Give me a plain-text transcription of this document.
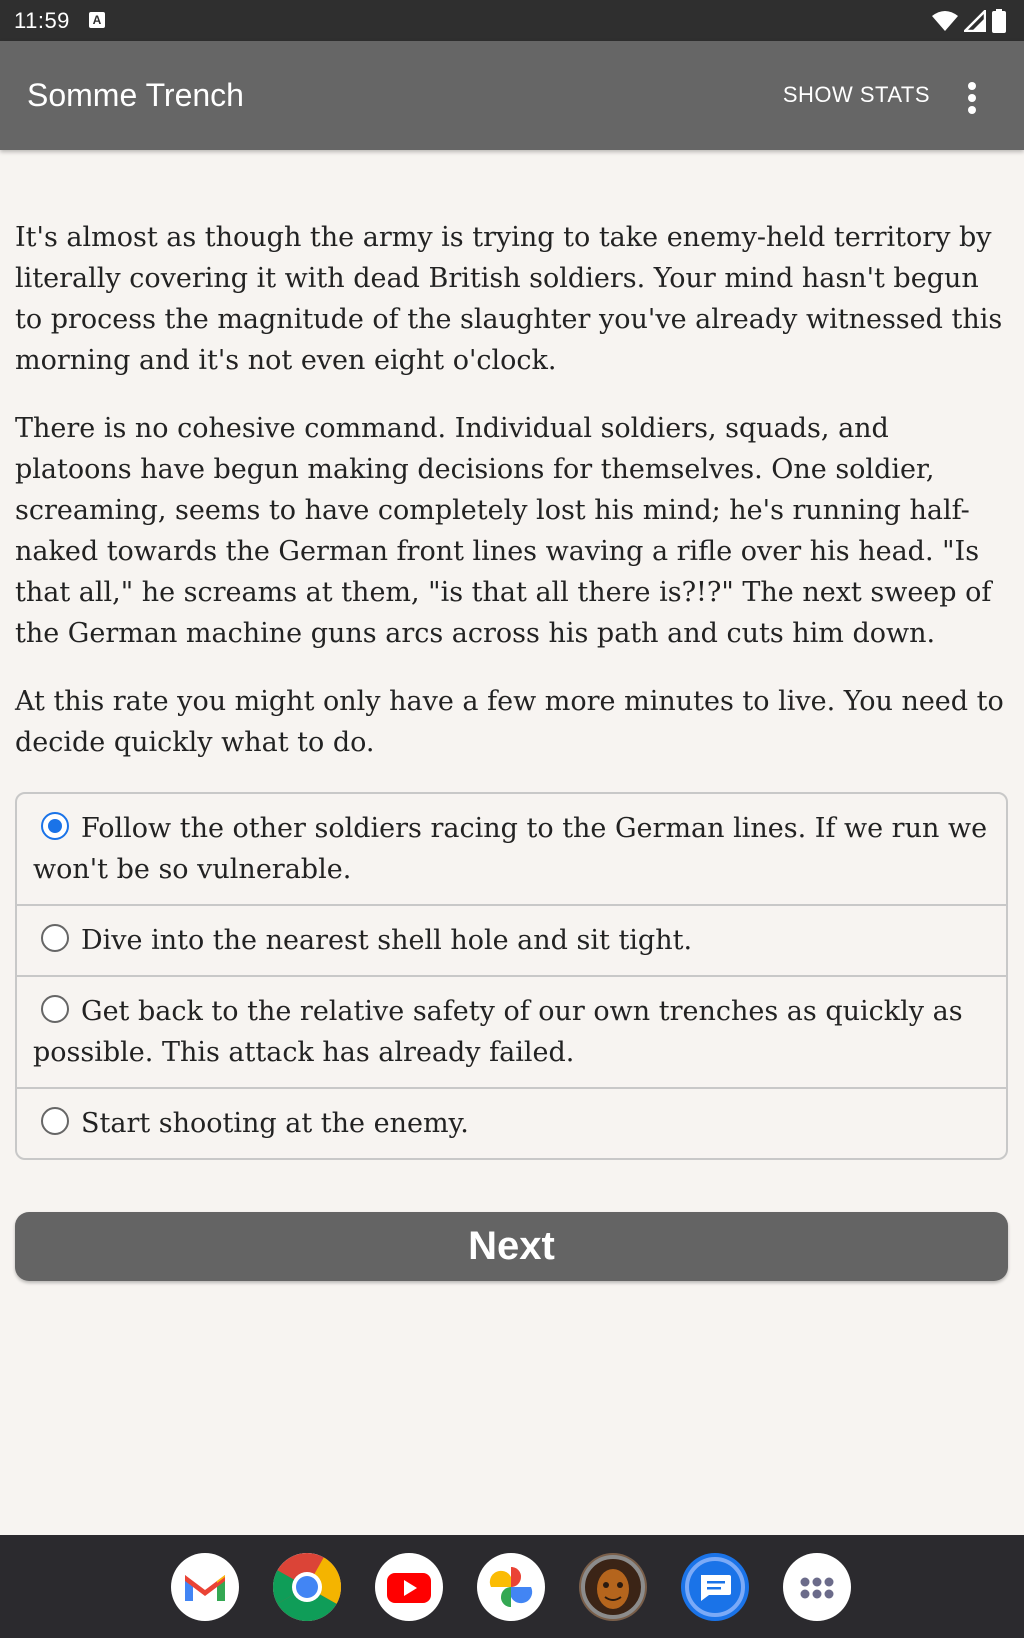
11:59	A
Somme Trench	SHOW STATS

It's almost as though the army is trying to take enemy-held territory by literally covering it with dead British soldiers. Your mind hasn't begun to process the magnitude of the slaughter you've already witnessed this morning and it's not even eight o'clock.

There is no cohesive command. Individual soldiers, squads, and platoons have begun making decisions for themselves. One soldier, screaming, seems to have completely lost his mind; he's running half-naked towards the German front lines waving a rifle over his head. "Is that all," he screams at them, "is that all there is?!?" The next sweep of the German machine guns arcs across his path and cuts him down.

At this rate you might only have a few more minutes to live. You need to decide quickly what to do.

Follow the other soldiers racing to the German lines. If we run we won't be so vulnerable.
Dive into the nearest shell hole and sit tight.
Get back to the relative safety of our own trenches as quickly as possible. This attack has already failed.
Start shooting at the enemy.
Next
